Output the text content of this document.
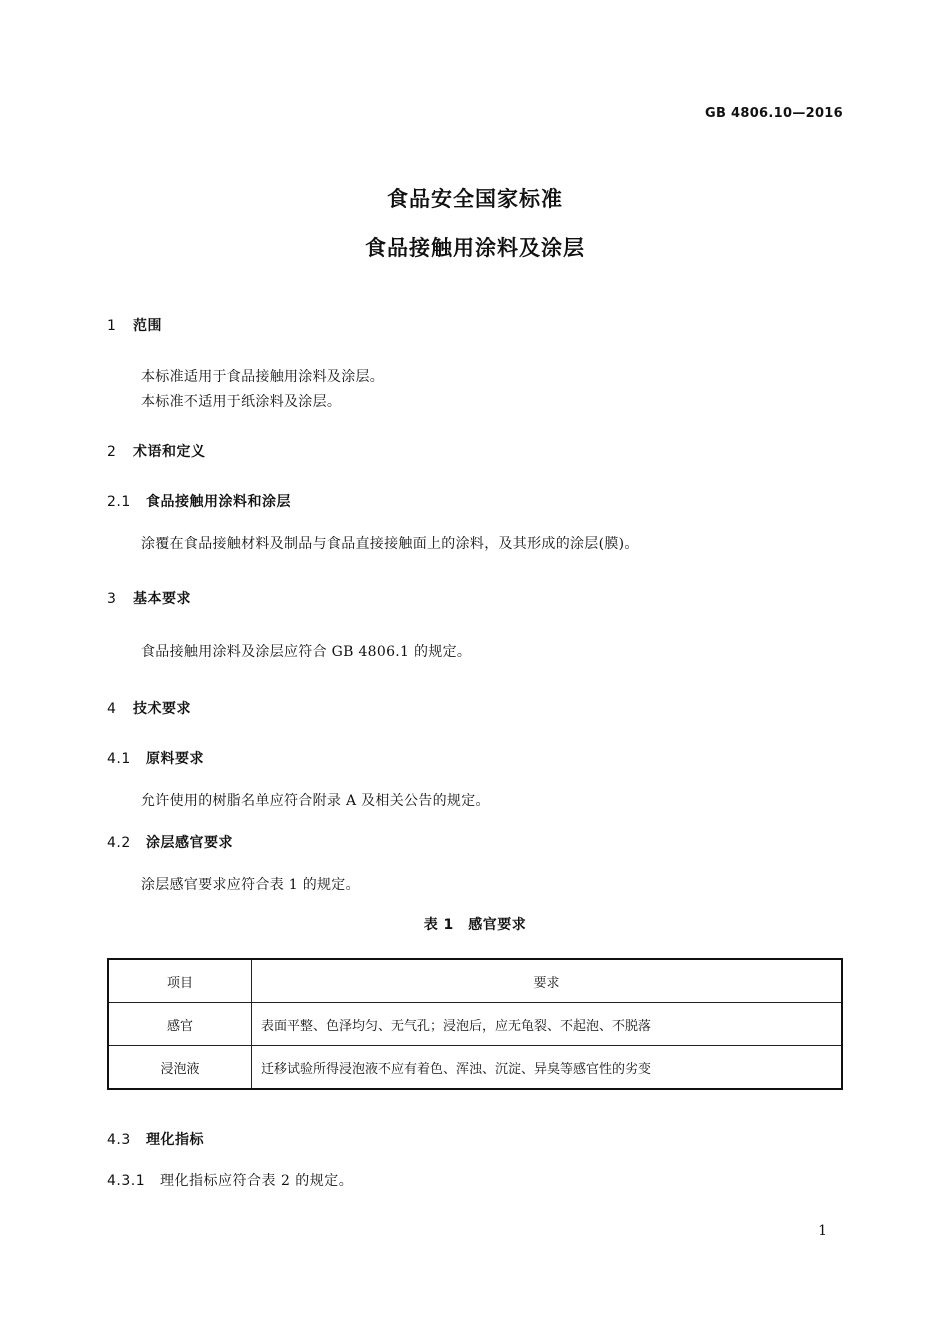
GB 4806.10—2016
食品安全国家标准
食品接触用涂料及涂层
1 范围
本标准适用于食品接触用涂料及涂层。
本标准不适用于纸涂料及涂层。
2 术语和定义
2.1 食品接触用涂料和涂层
涂覆在食品接触材料及制品与食品直接接触面上的涂料，及其形成的涂层(膜)。
3 基本要求
食品接触用涂料及涂层应符合 GB 4806.1 的规定。
4 技术要求
4.1 原料要求
允许使用的树脂名单应符合附录 A 及相关公告的规定。
4.2 涂层感官要求
涂层感官要求应符合表 1 的规定。
表 1　感官要求
项目	要求
感官	表面平整、色泽均匀、无气孔；浸泡后，应无龟裂、不起泡、不脱落
浸泡液	迁移试验所得浸泡液不应有着色、浑浊、沉淀、异臭等感官性的劣变
4.3 理化指标
4.3.1 理化指标应符合表 2 的规定。
1
